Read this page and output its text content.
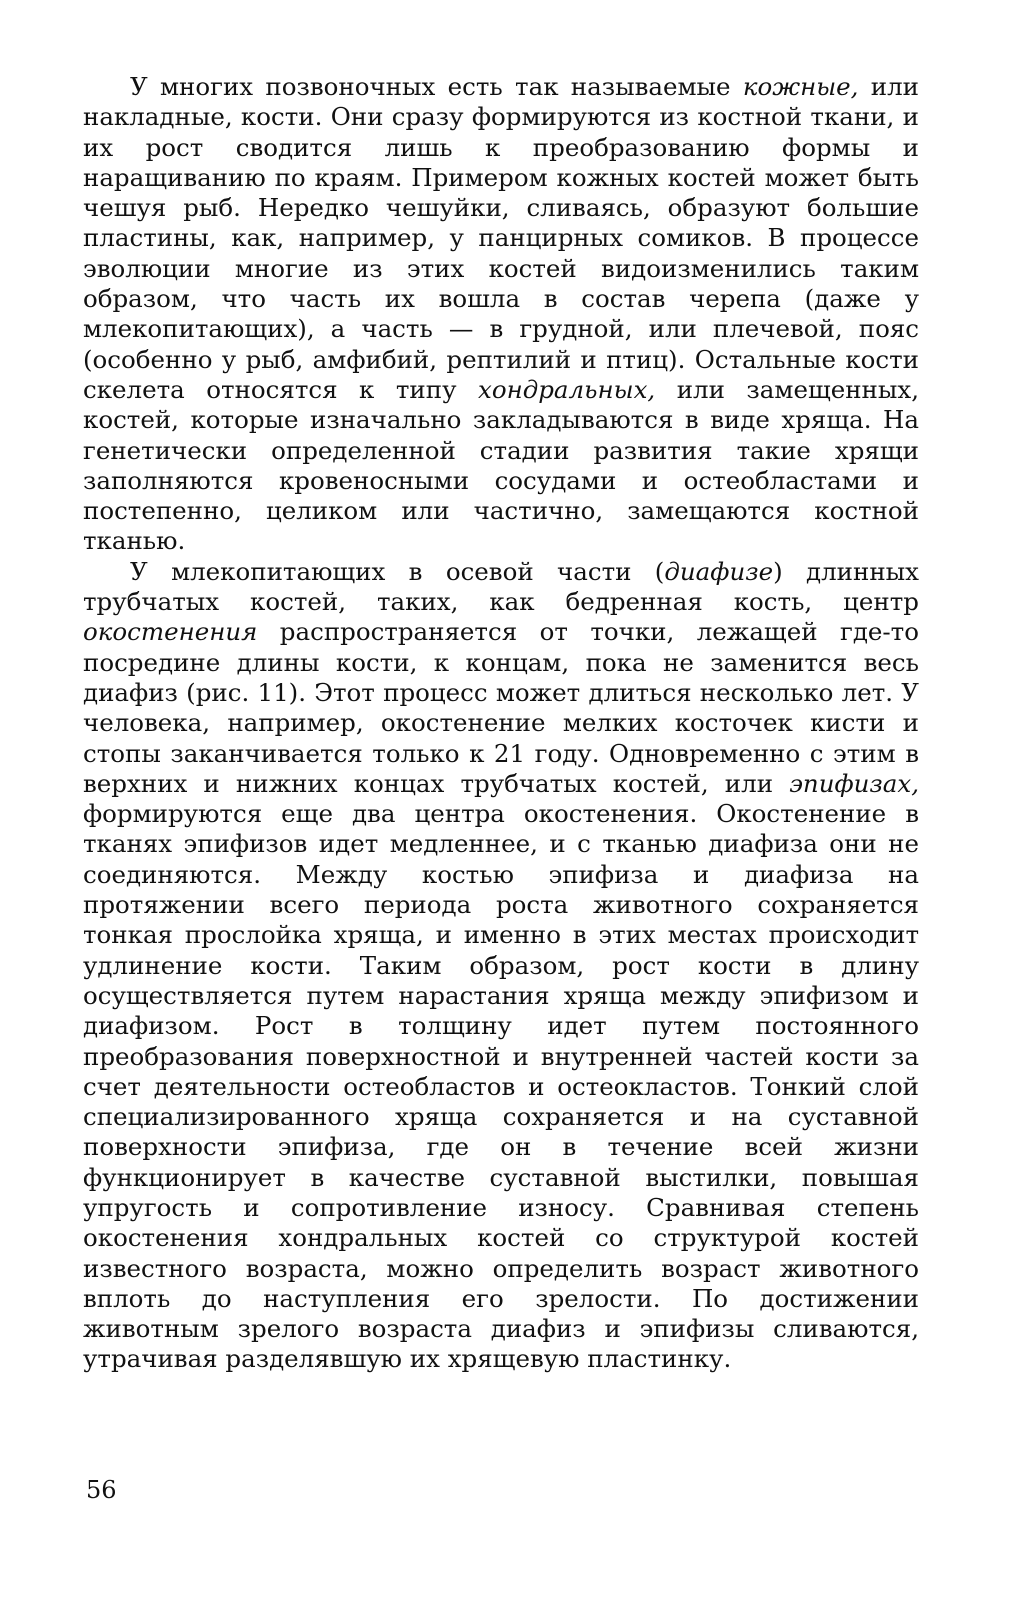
У многих позвоночных есть так называемые кожные, или накладные, кости. Они сразу формируются из костной ткани, и их рост сводится лишь к преобразованию формы и наращиванию по краям. Примером кожных костей может быть чешуя рыб. Нередко чешуйки, сливаясь, образуют большие пластины, как, например, у панцирных сомиков. В процессе эволюции многие из этих костей видоизменились таким образом, что часть их вошла в состав черепа (даже у млекопитающих), а часть — в грудной, или плечевой, пояс (особенно у рыб, амфибий, рептилий и птиц). Остальные кости скелета относятся к типу хондральных, или замещенных, костей, которые изначально закладываются в виде хряща. На генетически определенной стадии развития такие хрящи заполняются кровеносными сосудами и остеобластами и постепенно, целиком или частично, замещаются костной тканью.

У млекопитающих в осевой части (диафизе) длинных трубчатых костей, таких, как бедренная кость, центр окостенения распространяется от точки, лежащей где-то посредине длины кости, к концам, пока не заменится весь диафиз (рис. 11). Этот процесс может длиться несколько лет. У человека, например, окостенение мелких косточек кисти и стопы заканчивается только к 21 году. Одновременно с этим в верхних и нижних концах трубчатых костей, или эпифизах, формируются еще два центра окостенения. Окостенение в тканях эпифизов идет медленнее, и с тканью диафиза они не соединяются. Между костью эпифиза и диафиза на протяжении всего периода роста животного сохраняется тонкая прослойка хряща, и именно в этих местах происходит удлинение кости. Таким образом, рост кости в длину осуществляется путем нарастания хряща между эпифизом и диафизом. Рост в толщину идет путем постоянного преобразования поверхностной и внутренней частей кости за счет деятельности остеобластов и остеокластов. Тонкий слой специализированного хряща сохраняется и на суставной поверхности эпифиза, где он в течение всей жизни функционирует в качестве суставной выстилки, повышая упругость и сопротивление износу. Сравнивая степень окостенения хондральных костей со структурой костей известного возраста, можно определить возраст животного вплоть до наступления его зрелости. По достижении животным зрелого возраста диафиз и эпифизы сливаются, утрачивая разделявшую их хрящевую пластинку.

56
